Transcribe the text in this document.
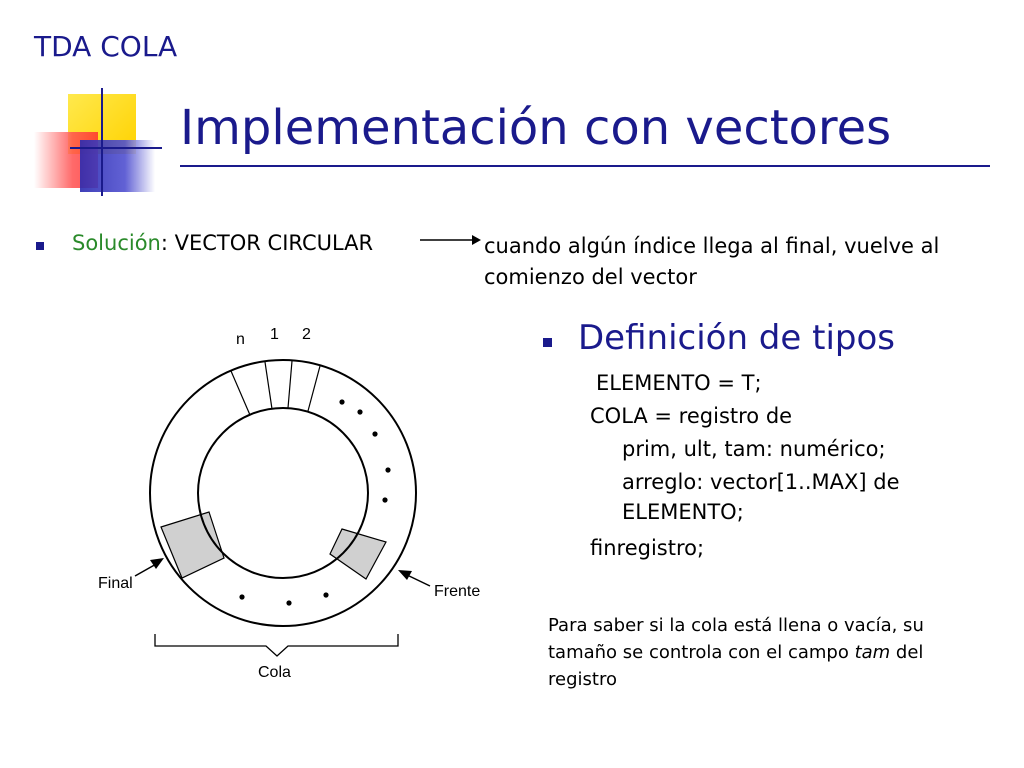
TDA COLA
Implementación con vectores
Solución: VECTOR CIRCULAR	cuando algún índice llega al final, vuelve al comienzo del vector
Definición de tipos
ELEMENTO = T;
COLA = registro de
prim, ult, tam: numérico;
arreglo: vector[1..MAX] de
ELEMENTO;
finregistro;
Para saber si la cola está llena o vacía, su tamaño se controla con el campo tam del registro
n 1 2
Final	Frente
Cola
